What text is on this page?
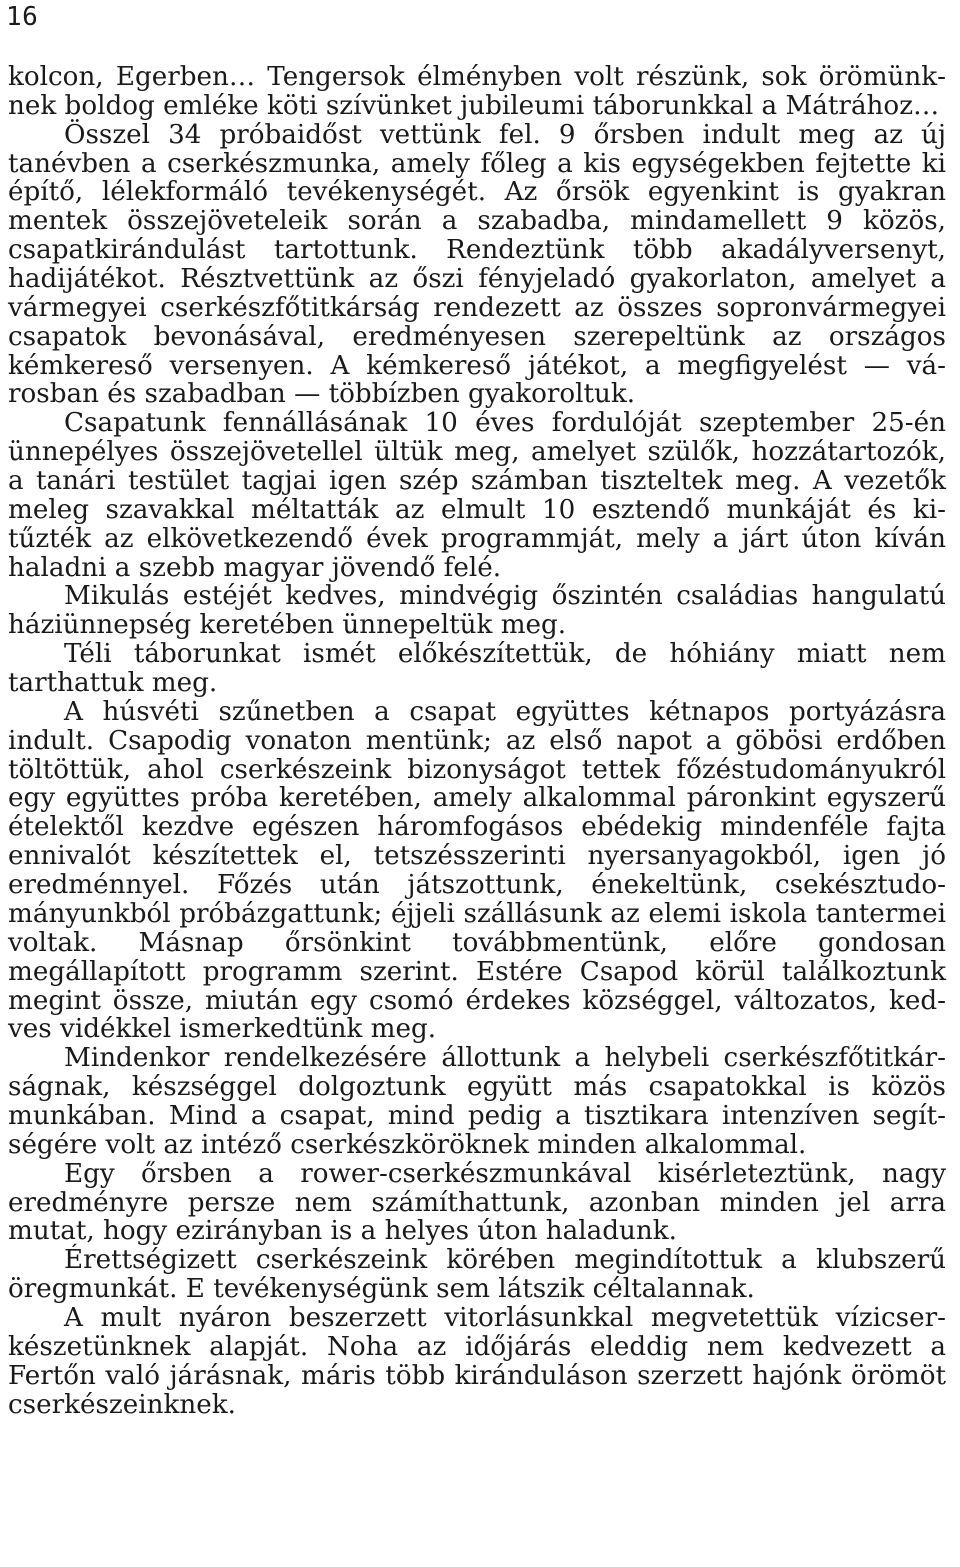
16

kolcon, Egerben… Tengersok élményben volt részünk, sok örömünknek boldog emléke köti szívünket jubileumi táborunkkal a Mátrához…

Összel 34 próbaidőst vettünk fel. 9 őrsben indult meg az új tanévben a cserkészmunka, amely főleg a kis egységekben fejtette ki építő, lélekformáló tevékenységét. Az őrsök egyenkint is gyakran mentek összejöveteleik során a szabadba, mindamellett 9 közös, csapatkirándulást tartottunk. Rendeztünk több akadályversenyt, hadijátékot. Résztvettünk az őszi fényjeladó gyakorlaton, amelyet a vármegyei cserkészfőtitkárság rendezett az összes sopronvármegyei csapatok bevonásával, eredményesen szerepeltünk az országos kémkereső versenyen. A kémkereső játékot, a megfigyelést — városban és szabadban — többízben gyakoroltuk.

Csapatunk fennállásának 10 éves fordulóját szeptember 25-én ünnepélyes összejövetellel ültük meg, amelyet szülők, hozzátartozók, a tanári testület tagjai igen szép számban tiszteltek meg. A vezetők meleg szavakkal méltatták az elmult 10 esztendő munkáját és kitűzték az elkövetkezendő évek programmját, mely a járt úton kíván haladni a szebb magyar jövendő felé.

Mikulás estéjét kedves, mindvégig őszintén családias hangulatú háziünnepség keretében ünnepeltük meg.

Téli táborunkat ismét előkészítettük, de hóhiány miatt nem tarthattuk meg.

A húsvéti szűnetben a csapat együttes kétnapos portyázásra indult. Csapodig vonaton mentünk; az első napot a göbösi erdőben töltöttük, ahol cserkészeink bizonyságot tettek főzéstudományukról egy együttes próba keretében, amely alkalommal páronkint egyszerű ételektől kezdve egészen háromfogásos ebédekig mindenféle fajta ennivalót készítettek el, tetszésszerinti nyersanyagokból, igen jó eredménnyel. Főzés után játszottunk, énekeltünk, csekésztudományunkból próbázgattunk; éjjeli szállásunk az elemi iskola tantermei voltak. Másnap őrsönkint továbbmentünk, előre gondosan megállapított programm szerint. Estére Csapod körül találkoztunk megint össze, miután egy csomó érdekes községgel, változatos, kedves vidékkel ismerkedtünk meg.

Mindenkor rendelkezésére állottunk a helybeli cserkészfőtitkárságnak, készséggel dolgoztunk együtt más csapatokkal is közös munkában. Mind a csapat, mind pedig a tisztikara intenzíven segítségére volt az intéző cserkészköröknek minden alkalommal.

Egy őrsben a rower-cserkészmunkával kisérleteztünk, nagy eredményre persze nem számíthattunk, azonban minden jel arra mutat, hogy ezirányban is a helyes úton haladunk.

Érettségizett cserkészeink körében megindítottuk a klubszerű öregmunkát. E tevékenységünk sem látszik céltalannak.

A mult nyáron beszerzett vitorlásunkkal megvetettük vízicserkészetünknek alapját. Noha az időjárás eleddig nem kedvezett a Fertőn való járásnak, máris több kiránduláson szerzett hajónk örömöt cserkészeinknek.
